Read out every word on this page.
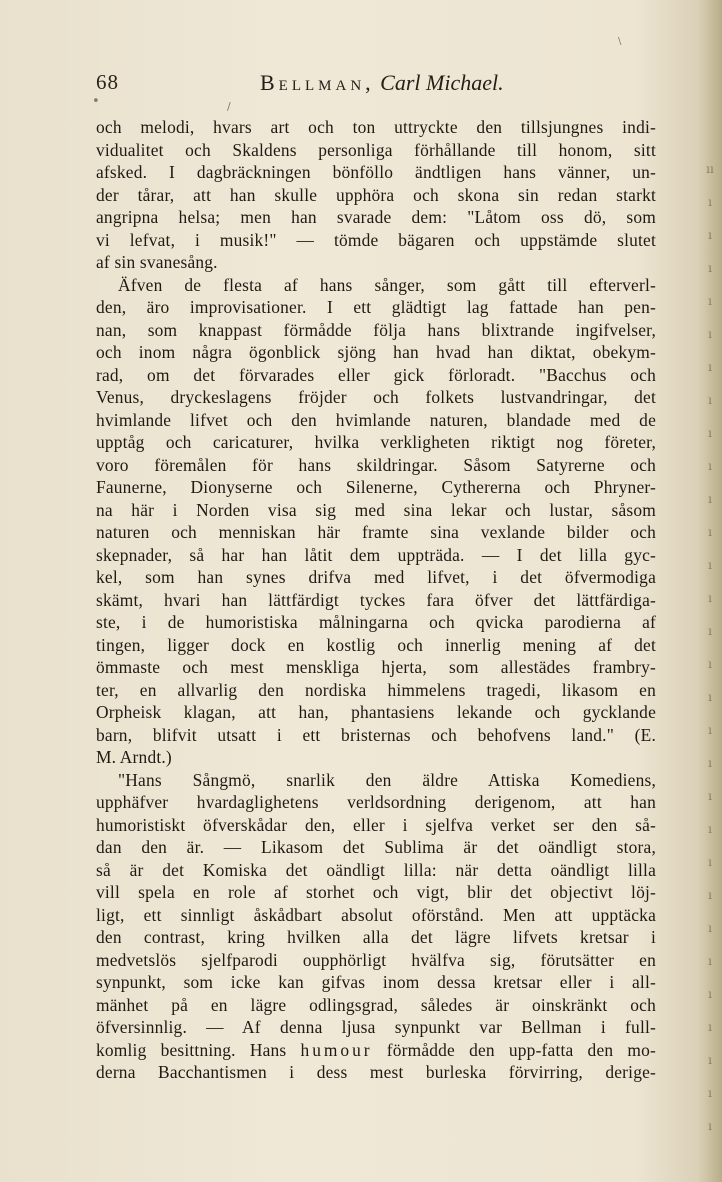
ıı
ı
ı
ı
ı
ı
ı
ı
ı
ı
ı
ı
ı
ı
ı
ı
ı
ı
ı
ı
ı
ı
ı
ı
ı
ı
ı
ı
ı
ı

68	Bellman, Carl Michael.
och melodi, hvars art och ton uttryckte den tillsjungnes indi-
vidualitet och Skaldens personliga förhållande till honom, sitt
afsked. I dagbräckningen bönföllo ändtligen hans vänner, un-
der tårar, att han skulle upphöra och skona sin redan starkt
angripna helsa; men han svarade dem: "Låtom oss dö, som
vi lefvat, i musik!" — tömde bägaren och uppstämde slutet
af sin svanesång.
Äfven de flesta af hans sånger, som gått till efterverl-
den, äro improvisationer. I ett glädtigt lag fattade han pen-
nan, som knappast förmådde följa hans blixtrande ingifvelser,
och inom några ögonblick sjöng han hvad han diktat, obekym-
rad, om det förvarades eller gick förloradt. "Bacchus och
Venus, dryckeslagens fröjder och folkets lustvandringar, det
hvimlande lifvet och den hvimlande naturen, blandade med de
upptåg och caricaturer, hvilka verkligheten riktigt nog företer,
voro föremålen för hans skildringar. Såsom Satyrerne och
Faunerne, Dionyserne och Silenerne, Cythererna och Phryner-
na här i Norden visa sig med sina lekar och lustar, såsom
naturen och menniskan här framte sina vexlande bilder och
skepnader, så har han låtit dem uppträda. — I det lilla gyc-
kel, som han synes drifva med lifvet, i det öfvermodiga
skämt, hvari han lättfärdigt tyckes fara öfver det lättfärdiga-
ste, i de humoristiska målningarna och qvicka parodierna af
tingen, ligger dock en kostlig och innerlig mening af det
ömmaste och mest menskliga hjerta, som allestädes frambry-
ter, en allvarlig den nordiska himmelens tragedi, likasom en
Orpheisk klagan, att han, phantasiens lekande och gycklande
barn, blifvit utsatt i ett bristernas och behofvens land." (E.
M. Arndt.)
"Hans Sångmö, snarlik den äldre Attiska Komediens,
upphäfver hvardaglighetens verldsordning derigenom, att han
humoristiskt öfverskådar den, eller i sjelfva verket ser den så-
dan den är. — Likasom det Sublima är det oändligt stora,
så är det Komiska det oändligt lilla: när detta oändligt lilla
vill spela en role af storhet och vigt, blir det objectivt löj-
ligt, ett sinnligt åskådbart absolut oförstånd. Men att upptäcka
den contrast, kring hvilken alla det lägre lifvets kretsar i
medvetslös sjelfparodi oupphörligt hvälfva sig, förutsätter en
synpunkt, som icke kan gifvas inom dessa kretsar eller i all-
mänhet på en lägre odlingsgrad, således är oinskränkt och
öfversinnlig. — Af denna ljusa synpunkt var Bellman i full-
komlig besittning. Hans humour förmådde den upp-fatta den mo-
derna Bacchantismen i dess mest burleska förvirring, derige-
•	/
\
